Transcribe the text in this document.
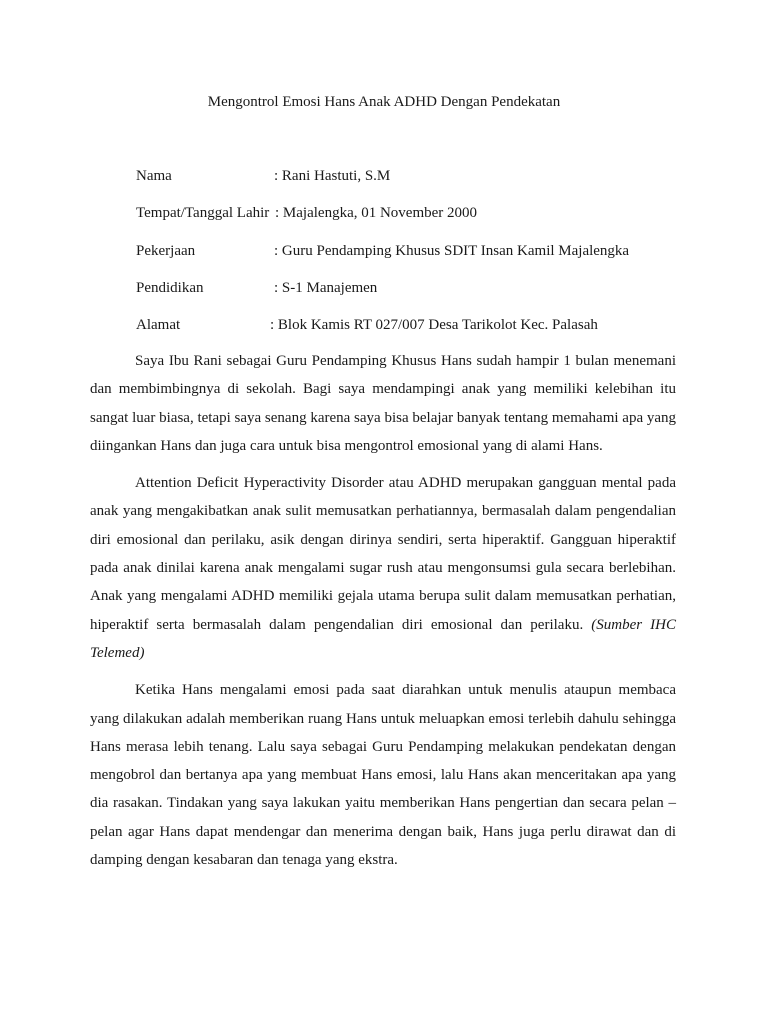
Mengontrol Emosi Hans Anak ADHD Dengan Pendekatan
Nama	: Rani Hastuti, S.M
Tempat/Tanggal Lahir : Majalengka, 01 November 2000
Pekerjaan	: Guru Pendamping Khusus SDIT Insan Kamil Majalengka
Pendidikan	: S-1 Manajemen
Alamat	: Blok Kamis RT 027/007 Desa Tarikolot Kec. Palasah

Saya Ibu Rani sebagai Guru Pendamping Khusus Hans sudah hampir 1 bulan menemani dan membimbingnya di sekolah. Bagi saya mendampingi anak yang memiliki kelebihan itu sangat luar biasa, tetapi saya senang karena saya bisa belajar banyak tentang memahami apa yang diingankan Hans dan juga cara untuk bisa mengontrol emosional yang di alami Hans.

Attention Deficit Hyperactivity Disorder atau ADHD merupakan gangguan mental pada anak yang mengakibatkan anak sulit memusatkan perhatiannya, bermasalah dalam pengendalian diri emosional dan perilaku, asik dengan dirinya sendiri, serta hiperaktif. Gangguan hiperaktif pada anak dinilai karena anak mengalami sugar rush atau mengonsumsi gula secara berlebihan. Anak yang mengalami ADHD memiliki gejala utama berupa sulit dalam memusatkan perhatian, hiperaktif serta bermasalah dalam pengendalian diri emosional dan perilaku. (Sumber IHC Telemed)

Ketika Hans mengalami emosi pada saat diarahkan untuk menulis ataupun membaca yang dilakukan adalah memberikan ruang Hans untuk meluapkan emosi terlebih dahulu sehingga Hans merasa lebih tenang. Lalu saya sebagai Guru Pendamping melakukan pendekatan dengan mengobrol dan bertanya apa yang membuat Hans emosi, lalu Hans akan menceritakan apa yang dia rasakan. Tindakan yang saya lakukan yaitu memberikan Hans pengertian dan secara pelan – pelan agar Hans dapat mendengar dan menerima dengan baik, Hans juga perlu dirawat dan di damping dengan kesabaran dan tenaga yang ekstra.
